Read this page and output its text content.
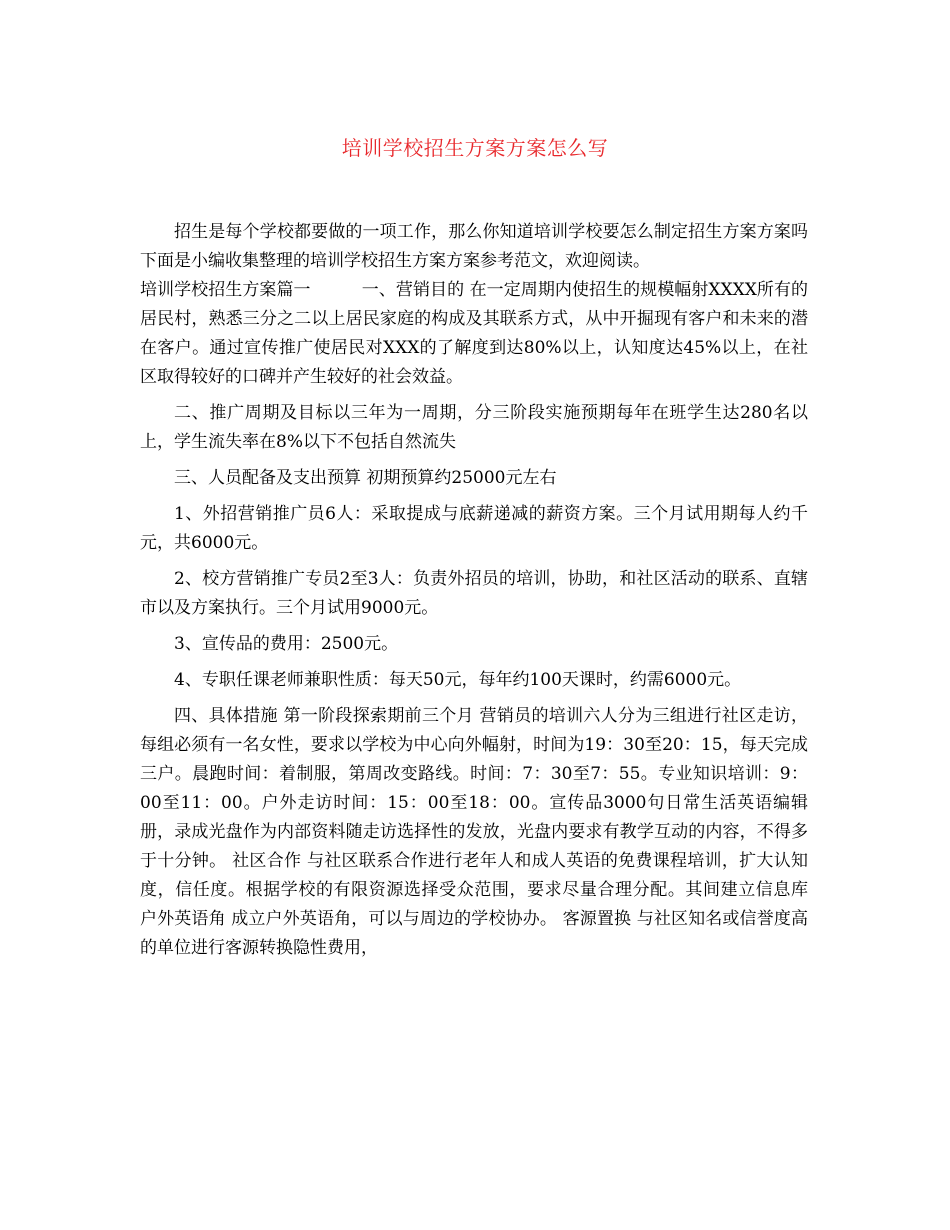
培训学校招生方案方案怎么写

招生是每个学校都要做的一项工作，那么你知道培训学校要怎么制定招生方案方案吗下面是小编收集整理的培训学校招生方案方案参考范文，欢迎阅读。

培训学校招生方案篇一　　　一、营销目的 在一定周期内使招生的规模幅射XXXX所有的居民村，熟悉三分之二以上居民家庭的构成及其联系方式，从中开掘现有客户和未来的潜在客户。通过宣传推广使居民对XXX的了解度到达80%以上，认知度达45%以上，在社区取得较好的口碑并产生较好的社会效益。

二、推广周期及目标以三年为一周期，分三阶段实施预期每年在班学生达280名以上，学生流失率在8%以下不包括自然流失

三、人员配备及支出预算 初期预算约25000元左右

1、外招营销推广员6人：采取提成与底薪递减的薪资方案。三个月试用期每人约千元，共6000元。

2、校方营销推广专员2至3人：负责外招员的培训，协助，和社区活动的联系、直辖市以及方案执行。三个月试用9000元。

3、宣传品的费用：2500元。

4、专职任课老师兼职性质：每天50元，每年约100天课时，约需6000元。

四、具体措施 第一阶段探索期前三个月 营销员的培训六人分为三组进行社区走访，每组必须有一名女性，要求以学校为中心向外幅射，时间为19：30至20：15，每天完成三户。晨跑时间：着制服，第周改变路线。时间：7：30至7：55。专业知识培训：9：00至11：00。户外走访时间：15：00至18：00。宣传品3000句日常生活英语编辑册，录成光盘作为内部资料随走访选择性的发放，光盘内要求有教学互动的内容，不得多于十分钟。 社区合作 与社区联系合作进行老年人和成人英语的免费课程培训，扩大认知度，信任度。根据学校的有限资源选择受众范围，要求尽量合理分配。其间建立信息库 户外英语角 成立户外英语角，可以与周边的学校协办。 客源置换 与社区知名或信誉度高的单位进行客源转换隐性费用，
